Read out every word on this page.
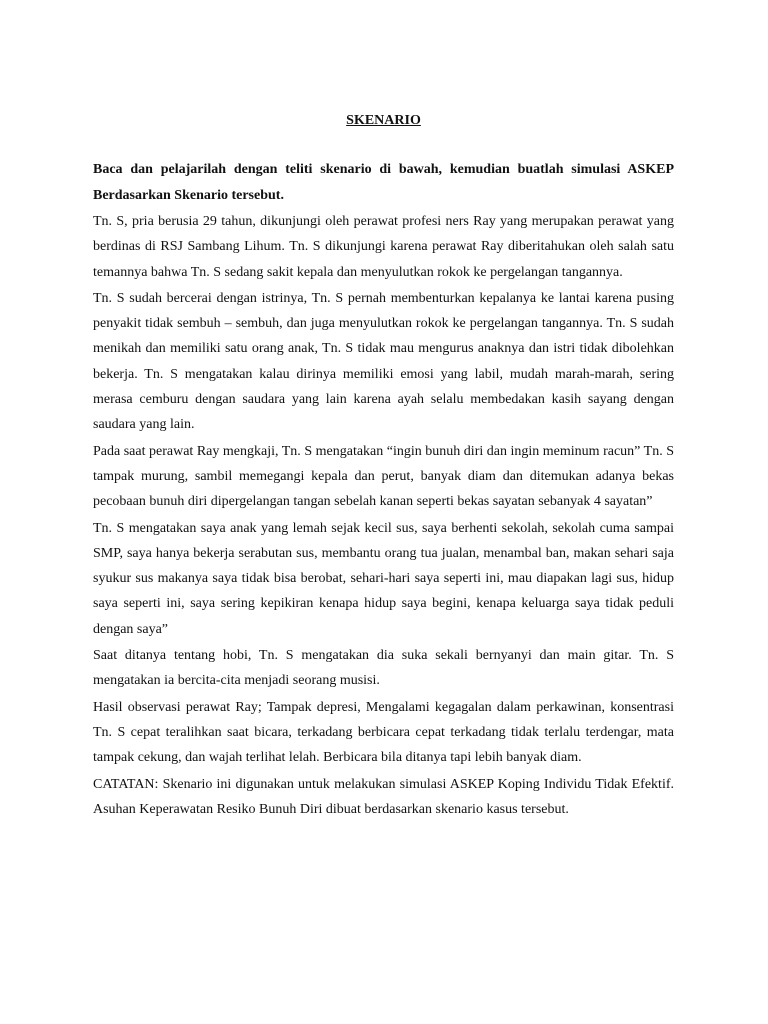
SKENARIO

Baca dan pelajarilah dengan teliti skenario di bawah, kemudian buatlah simulasi ASKEP Berdasarkan Skenario tersebut.

Tn. S, pria berusia 29 tahun, dikunjungi oleh perawat profesi ners Ray yang merupakan perawat yang berdinas di RSJ Sambang Lihum. Tn. S dikunjungi karena perawat Ray diberitahukan oleh salah satu temannya bahwa Tn. S sedang sakit kepala dan menyulutkan rokok ke pergelangan tangannya.

Tn. S sudah bercerai dengan istrinya, Tn. S pernah membenturkan kepalanya ke lantai karena pusing penyakit tidak sembuh – sembuh, dan juga menyulutkan rokok ke pergelangan tangannya. Tn. S sudah menikah dan memiliki satu orang anak, Tn. S tidak mau mengurus anaknya dan istri tidak dibolehkan bekerja. Tn. S mengatakan kalau dirinya memiliki emosi yang labil, mudah marah-marah, sering merasa cemburu dengan saudara yang lain karena ayah selalu membedakan kasih sayang dengan saudara yang lain.

Pada saat perawat Ray mengkaji, Tn. S mengatakan “ingin bunuh diri dan ingin meminum racun” Tn. S tampak murung, sambil memegangi kepala dan perut, banyak diam dan ditemukan adanya bekas pecobaan bunuh diri dipergelangan tangan sebelah kanan seperti bekas sayatan sebanyak 4 sayatan”

Tn. S mengatakan saya anak yang lemah sejak kecil sus, saya berhenti sekolah, sekolah cuma sampai SMP, saya hanya bekerja serabutan sus, membantu orang tua jualan, menambal ban, makan sehari saja syukur sus makanya saya tidak bisa berobat, sehari-hari saya seperti ini, mau diapakan lagi sus, hidup saya seperti ini, saya sering kepikiran kenapa hidup saya begini, kenapa keluarga saya tidak peduli dengan saya”

Saat ditanya tentang hobi, Tn. S mengatakan dia suka sekali bernyanyi dan main gitar. Tn. S mengatakan ia bercita-cita menjadi seorang musisi.

Hasil observasi perawat Ray; Tampak depresi, Mengalami kegagalan dalam perkawinan, konsentrasi Tn. S cepat teralihkan saat bicara, terkadang berbicara cepat terkadang tidak terlalu terdengar, mata tampak cekung, dan wajah terlihat lelah. Berbicara bila ditanya tapi lebih banyak diam.

CATATAN: Skenario ini digunakan untuk melakukan simulasi ASKEP Koping Individu Tidak Efektif. Asuhan Keperawatan Resiko Bunuh Diri dibuat berdasarkan skenario kasus tersebut.
